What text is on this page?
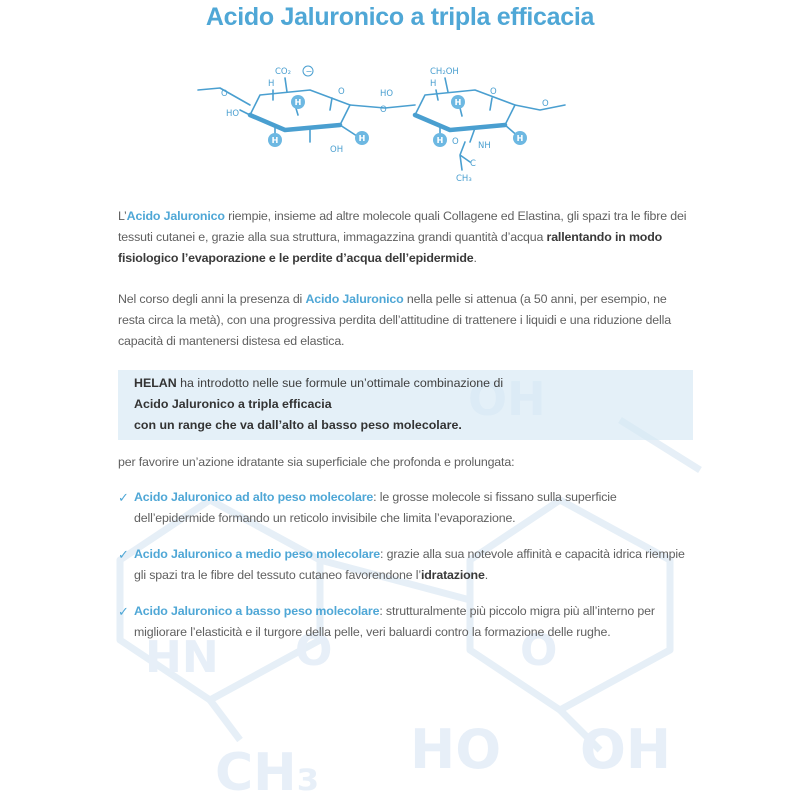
HN O	O
HO OH
CH₃
Acido Jaluronico a tripla efficacia
H
H	H
H
H	H
O
CO₂ −
H
O
HO
OH
O
CH₂OH
HO
H
O
NH
O
C
CH₃
O

L’Acido Jaluronico riempie, insieme ad altre molecole quali Collagene ed Elastina, gli spazi tra le fibre dei tessuti cutanei e, grazie alla sua struttura, immagazzina grandi quantità d’acqua rallentando in modo fisiologico l’evaporazione e le perdite d’acqua dell’epidermide.

Nel corso degli anni la presenza di Acido Jaluronico nella pelle si attenua (a 50 anni, per esempio, ne resta circa la metà), con una progressiva perdita dell’attitudine di trattenere i liquidi e una riduzione della capacità di mantenersi distesa ed elastica.

HELAN ha introdotto nelle sue formule un’ottimale combinazione di
Acido Jaluronico a tripla efficacia
con un range che va dall’alto al basso peso molecolare.

per favorire un’azione idratante sia superficiale che profonda e prolungata:

✓ Acido Jaluronico ad alto peso molecolare: le grosse molecole si fissano sulla superficie dell’epidermide formando un reticolo invisibile che limita l’evaporazione.
✓ Acido Jaluronico a medio peso molecolare: grazie alla sua notevole affinità e capacità idrica riempie gli spazi tra le fibre del tessuto cutaneo favorendone l’idratazione.
✓ Acido Jaluronico a basso peso molecolare: strutturalmente più piccolo migra più all’interno per migliorare l’elasticità e il turgore della pelle, veri baluardi contro la formazione delle rughe.
